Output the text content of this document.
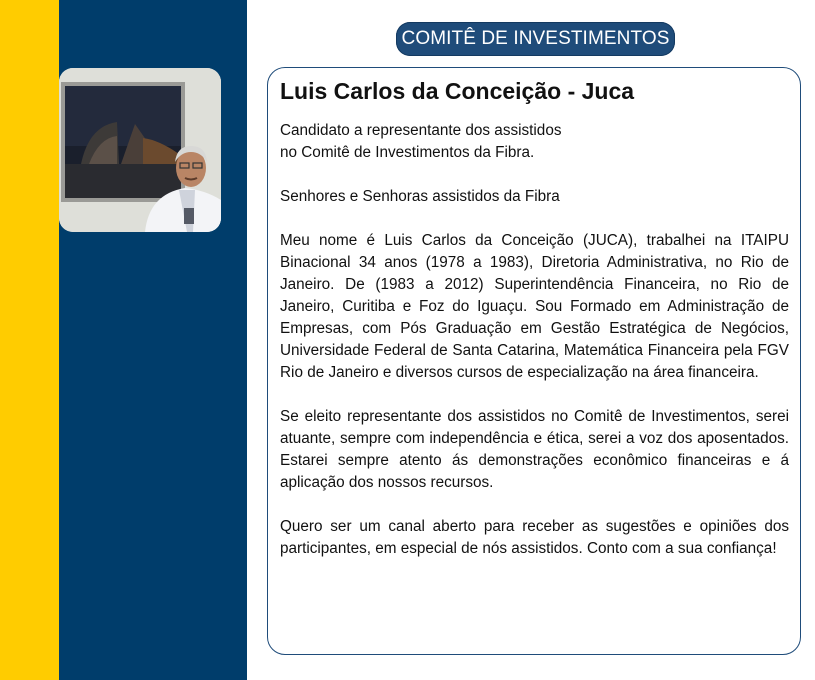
COMITÊ DE INVESTIMENTOS
Luis Carlos da Conceição - Juca

Candidato a representante dos assistidos

no Comitê de Investimentos da Fibra.

Senhores e Senhoras assistidos da Fibra

Meu nome é Luis Carlos da Conceição (JUCA), trabalhei na ITAIPU Binacional 34 anos (1978 a 1983), Diretoria Administrativa, no Rio de Janeiro. De (1983 a 2012) Superintendência Financeira, no Rio de Janeiro, Curitiba e Foz do Iguaçu. Sou Formado em Administração de Empresas, com Pós Graduação em Gestão Estratégica de Negócios, Universidade Federal de Santa Catarina, Matemática Financeira pela FGV Rio de Janeiro e diversos cursos de especialização na área financeira.

Se eleito representante dos assistidos no Comitê de Investimentos, serei atuante, sempre com independência e ética, serei a voz dos aposentados. Estarei sempre atento ás demonstrações econômico financeiras e á aplicação dos nossos recursos.

Quero ser um canal aberto para receber as sugestões e opiniões dos participantes, em especial de nós assistidos. Conto com a sua confiança!
